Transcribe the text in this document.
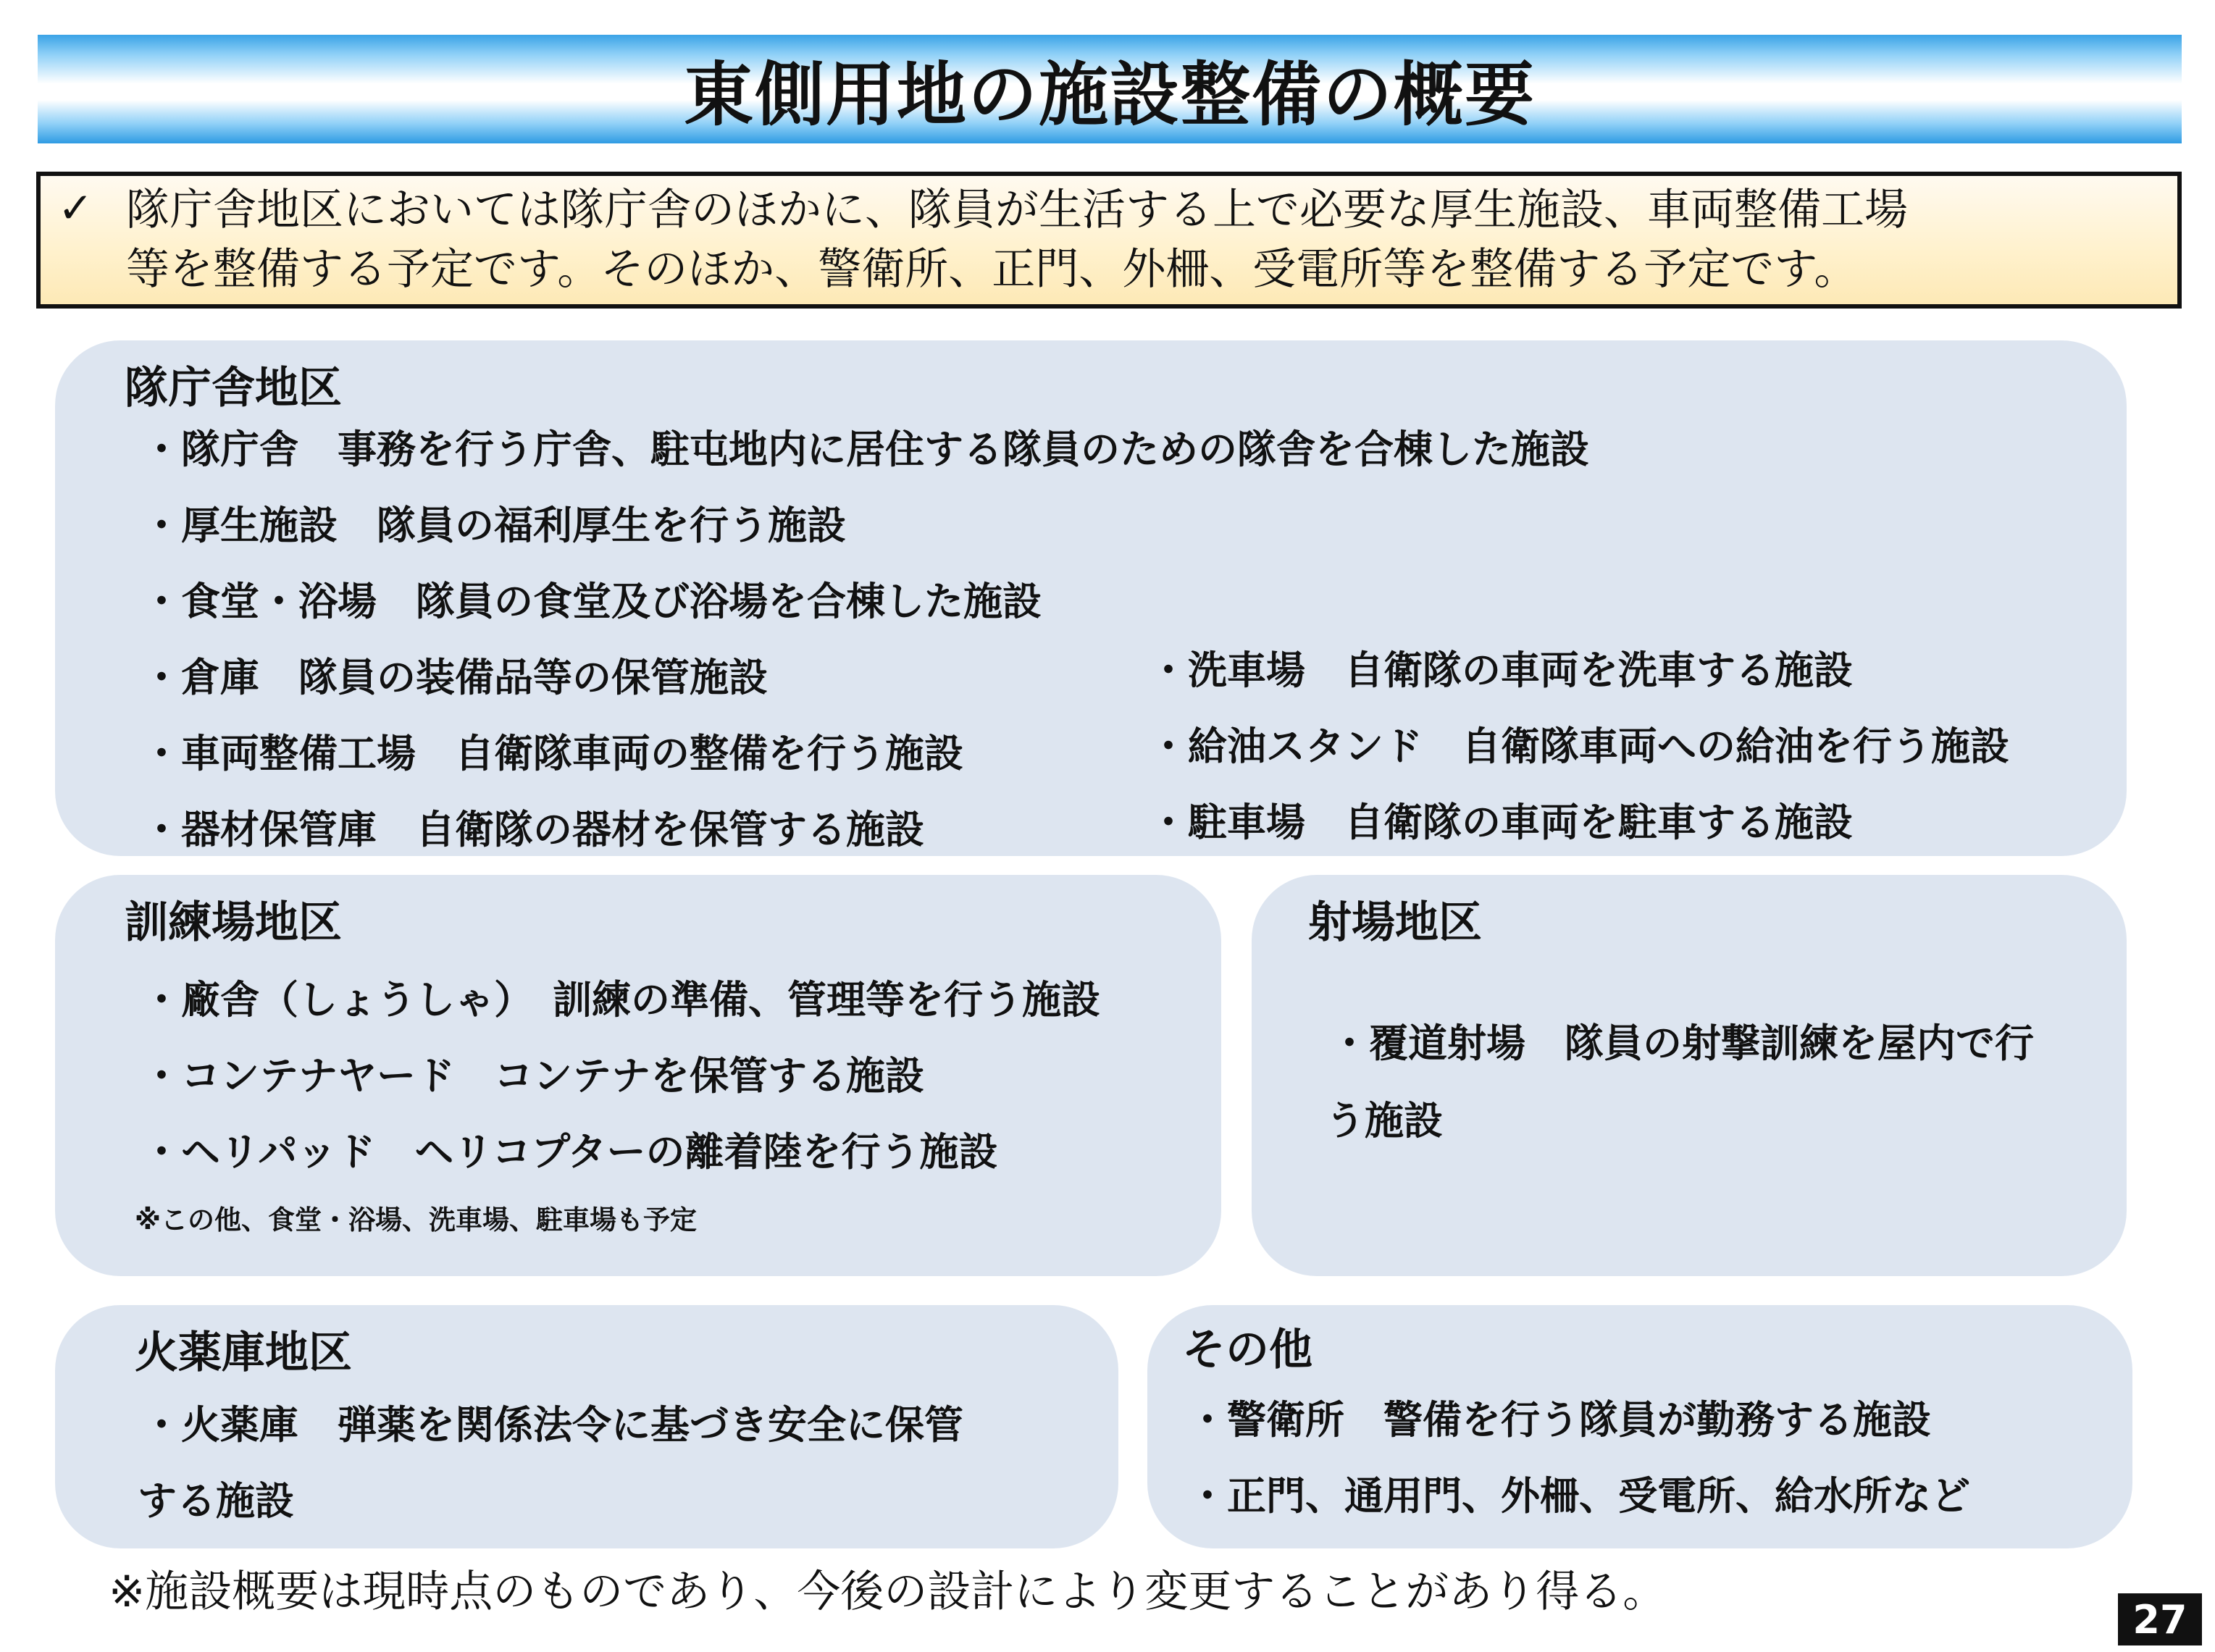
東側用地の施設整備の概要
✓ 隊庁舎地区においては隊庁舎のほかに、隊員が生活する上で必要な厚生施設、車両整備工場
等を整備する予定です。そのほか、警衛所、正門、外柵、受電所等を整備する予定です。
隊庁舎地区
・隊庁舎　事務を行う庁舎、駐屯地内に居住する隊員のための隊舎を合棟した施設
・厚生施設　隊員の福利厚生を行う施設
・食堂・浴場　隊員の食堂及び浴場を合棟した施設
・倉庫　隊員の装備品等の保管施設
・車両整備工場　自衛隊車両の整備を行う施設
・器材保管庫　自衛隊の器材を保管する施設
・洗車場　自衛隊の車両を洗車する施設
・給油スタンド　自衛隊車両への給油を行う施設
・駐車場　自衛隊の車両を駐車する施設
訓練場地区
・廠舎（しょうしゃ）　訓練の準備、管理等を行う施設
・コンテナヤード　コンテナを保管する施設
・ヘリパッド　ヘリコプターの離着陸を行う施設
※この他、食堂・浴場、洗車場、駐車場も予定
射場地区
・覆道射場　隊員の射撃訓練を屋内で行
う施設
火薬庫地区
・火薬庫　弾薬を関係法令に基づき安全に保管
する施設
その他
・警衛所　警備を行う隊員が勤務する施設
・正門、通用門、外柵、受電所、給水所など
※施設概要は現時点のものであり、今後の設計により変更することがあり得る。
27
